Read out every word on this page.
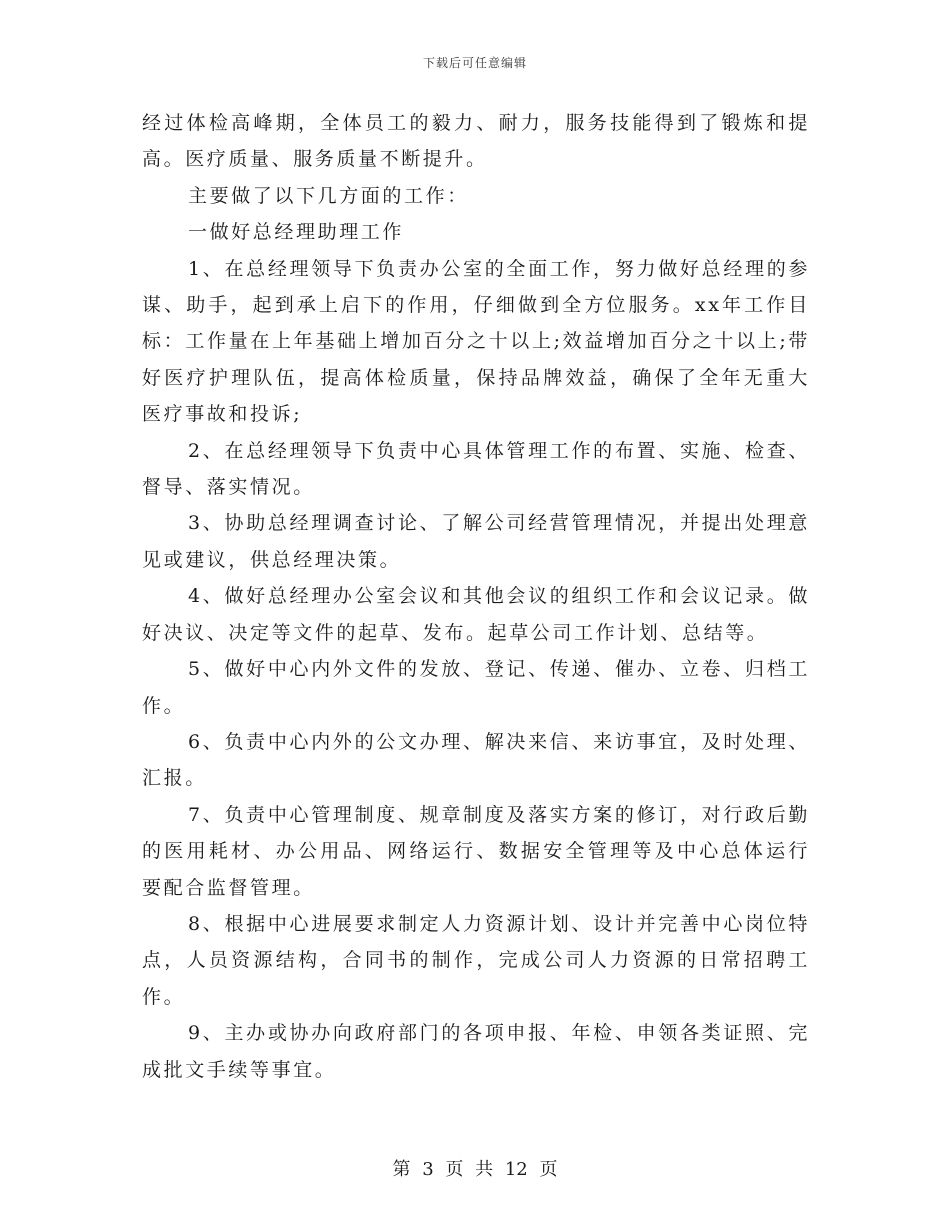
下载后可任意编辑

经过体检高峰期，全体员工的毅力、耐力，服务技能得到了锻炼和提高。医疗质量、服务质量不断提升。

主要做了以下几方面的工作：

一做好总经理助理工作

1、在总经理领导下负责办公室的全面工作，努力做好总经理的参谋、助手，起到承上启下的作用，仔细做到全方位服务。xx年工作目标：工作量在上年基础上增加百分之十以上;效益增加百分之十以上;带好医疗护理队伍，提高体检质量，保持品牌效益，确保了全年无重大医疗事故和投诉;

2、在总经理领导下负责中心具体管理工作的布置、实施、检查、督导、落实情况。

3、协助总经理调查讨论、了解公司经营管理情况，并提出处理意见或建议，供总经理决策。

4、做好总经理办公室会议和其他会议的组织工作和会议记录。做好决议、决定等文件的起草、发布。起草公司工作计划、总结等。

5、做好中心内外文件的发放、登记、传递、催办、立卷、归档工作。

6、负责中心内外的公文办理、解决来信、来访事宜，及时处理、汇报。

7、负责中心管理制度、规章制度及落实方案的修订，对行政后勤的医用耗材、办公用品、网络运行、数据安全管理等及中心总体运行要配合监督管理。

8、根据中心进展要求制定人力资源计划、设计并完善中心岗位特点，人员资源结构，合同书的制作，完成公司人力资源的日常招聘工作。

9、主办或协办向政府部门的各项申报、年检、申领各类证照、完成批文手续等事宜。

第 3 页 共 12 页
